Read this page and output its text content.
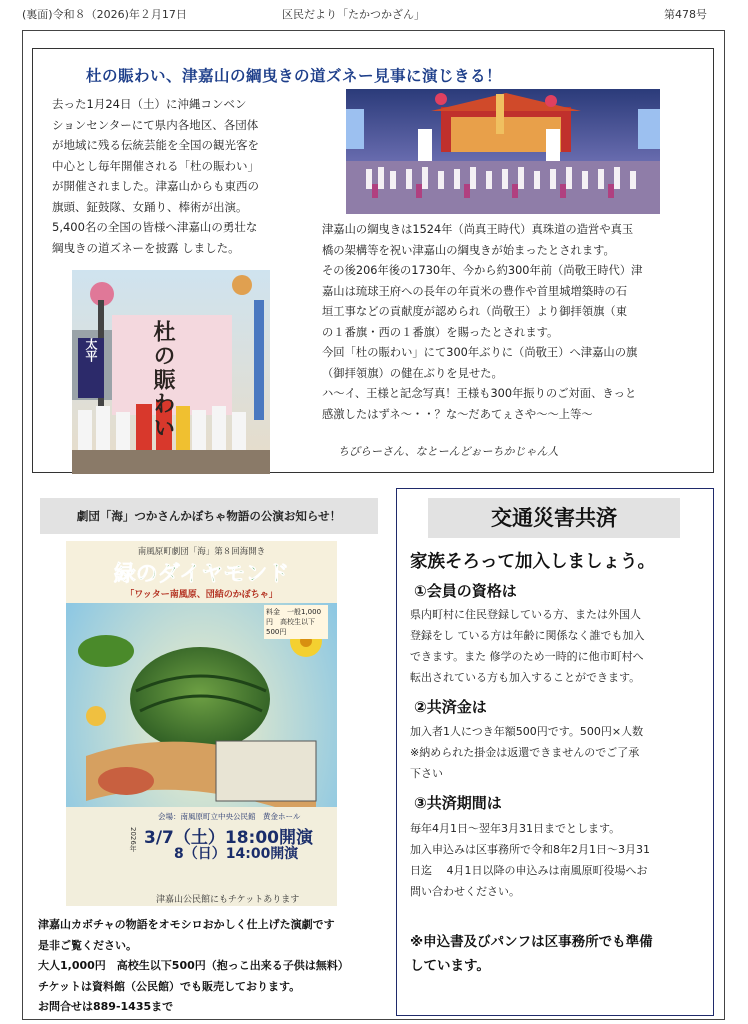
(裏面)令和８（2026)年２月17日	区民だより「たかつかざん」	第478号
杜の賑わい、津嘉山の綱曳きの道ズネー見事に演じきる！
去った1月24日（土）に沖縄コンベン
ションセンターにて県内各地区、各団体
が地域に残る伝統芸能を全国の観光客を
中心とし毎年開催される「杜の賑わい」
が開催されました。津嘉山からも東西の
旗頭、鉦鼓隊、女踊り、棒術が出演。
5,400名の全国の皆様へ津嘉山の勇壮な
綱曳きの道ズネーを披露 しました。
津嘉山の綱曳きは1524年（尚真王時代）真珠道の造営や真玉
橋の架構等を祝い津嘉山の綱曳きが始まったとされます。
その後206年後の1730年、今から約300年前（尚敬王時代）津
嘉山は琉球王府への長年の年貢米の豊作や首里城増築時の石
垣工事などの貢献度が認められ（尚敬王）より御拝領旗（東
の１番旗・西の１番旗）を賜ったとされます。
今回「杜の賑わい」にて300年ぶりに（尚敬王）へ津嘉山の旗
（御拝領旗）の健在ぶりを見せた。
ハ～イ、王様と記念写真！王様も300年振りのご対面、きっと
感激したはずネ～・・？な～だあてぇさや～～上等～
ちびらーさん、なとーんどぉーちかじゃん人
太平 杜の賑わい
劇団「海」つかさんかぼちゃ物語の公演お知らせ！
南風原町劇団「海」第８回海開き
緑のダイヤモンド
「ワッター南風原、団結のかぼちゃ」
料金　一般1,000円　高校生以下500円
会場：南風原町立中央公民館　黄金ホール
3/7（土）18:00開演
8（日）14:00開演
2026年
津嘉山公民館にもチケットあります
津嘉山カボチャの物語をオモシロおかしく仕上げた演劇です
是非ご覧ください。
大人1,000円　高校生以下500円（抱っこ出来る子供は無料）
チケットは資料館（公民館）でも販売しております。
お問合せは889-1435まで
交通災害共済
家族そろって加入しましょう。
①会員の資格は
県内町村に住民登録している方、または外国人
登録をし ている方は年齢に関係なく誰でも加入
できます。また 修学のため一時的に他市町村へ
転出されている方も加入することができます。
②共済金は
加入者1人につき年額500円です。500円×人数
※納められた掛金は返還できませんのでご了承
下さい
③共済期間は
毎年4月1日～翌年3月31日までとします。
加入申込みは区事務所で令和8年2月1日～3月31
日迄　 4月1日以降の申込みは南風原町役場へお
問い合わせください。
※申込書及びパンフは区事務所でも準備
しています。
